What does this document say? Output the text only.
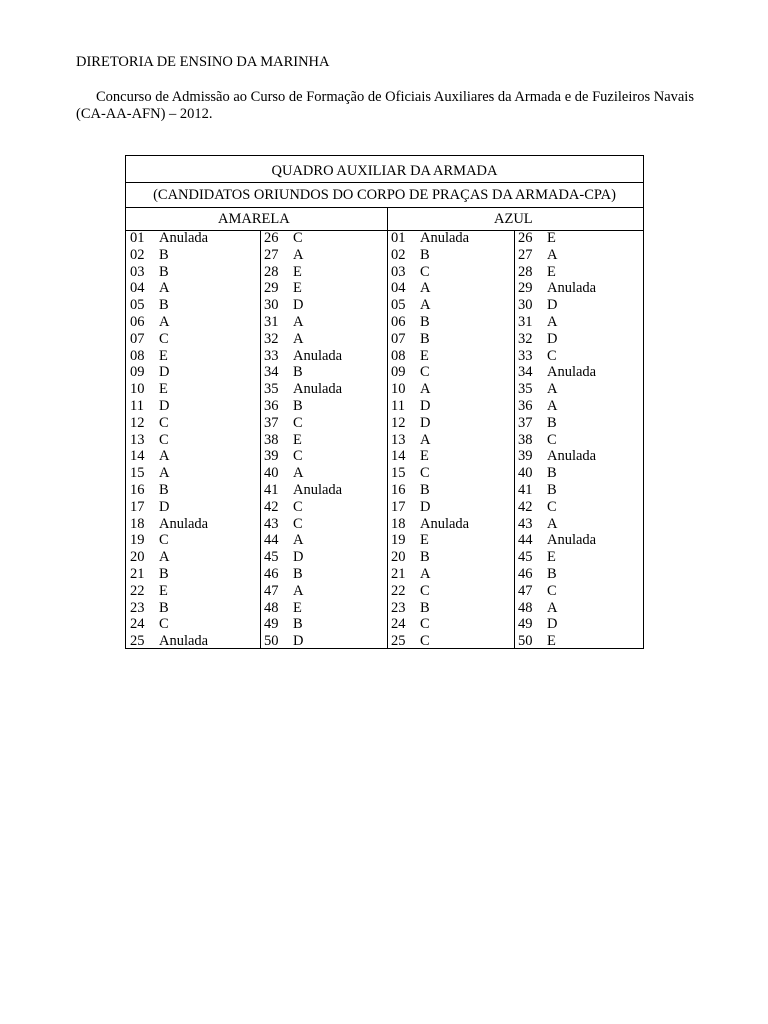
DIRETORIA DE ENSINO DA MARINHA

Concurso de Admissão ao Curso de Formação de Oficiais Auxiliares da Armada e de Fuzileiros Navais (CA-AA-AFN) – 2012.

QUADRO AUXILIAR DA ARMADA
(CANDIDATOS ORIUNDOS DO CORPO DE PRAÇAS DA ARMADA-CPA)
AMARELA	AZUL
01 Anulada
02 B
03 B
04 A
05 B
06 A
07 C
08 E
09 D
10 E
11 D
12 C
13 C
14 A
15 A
16 B
17 D
18 Anulada
19 C
20 A
21 B
22 E
23 B
24 C
25 Anulada
26 C
27 A
28 E
29 E
30 D
31 A
32 A
33 Anulada
34 B
35 Anulada
36 B
37 C
38 E
39 C
40 A
41 Anulada
42 C
43 C
44 A
45 D
46 B
47 A
48 E
49 B
50 D
01 Anulada
02 B
03 C
04 A
05 A
06 B
07 B
08 E
09 C
10 A
11 D
12 D
13 A
14 E
15 C
16 B
17 D
18 Anulada
19 E
20 B
21 A
22 C
23 B
24 C
25 C
26 E
27 A
28 E
29 Anulada
30 D
31 A
32 D
33 C
34 Anulada
35 A
36 A
37 B
38 C
39 Anulada
40 B
41 B
42 C
43 A
44 Anulada
45 E
46 B
47 C
48 A
49 D
50 E
